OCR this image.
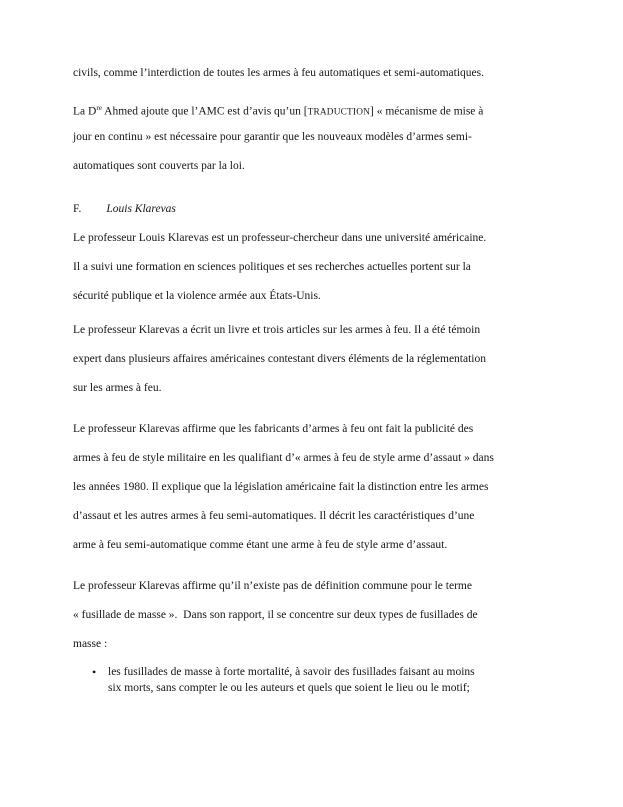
civils, comme l’interdiction de toutes les armes à feu automatiques et semi-automatiques.

La Dre Ahmed ajoute que l’AMC est d’avis qu’un [TRADUCTION] « mécanisme de mise à
jour en continu » est nécessaire pour garantir que les nouveaux modèles d’armes semi-
automatiques sont couverts par la loi.

F. Louis Klarevas

Le professeur Louis Klarevas est un professeur-chercheur dans une université américaine.
Il a suivi une formation en sciences politiques et ses recherches actuelles portent sur la
sécurité publique et la violence armée aux États-Unis.

Le professeur Klarevas a écrit un livre et trois articles sur les armes à feu. Il a été témoin
expert dans plusieurs affaires américaines contestant divers éléments de la réglementation
sur les armes à feu.

Le professeur Klarevas affirme que les fabricants d’armes à feu ont fait la publicité des
armes à feu de style militaire en les qualifiant d’« armes à feu de style arme d’assaut » dans
les années 1980. Il explique que la législation américaine fait la distinction entre les armes
d’assaut et les autres armes à feu semi-automatiques. Il décrit les caractéristiques d’une
arme à feu semi-automatique comme étant une arme à feu de style arme d’assaut.

Le professeur Klarevas affirme qu’il n’existe pas de définition commune pour le terme
« fusillade de masse ».  Dans son rapport, il se concentre sur deux types de fusillades de
masse :

• les fusillades de masse à forte mortalité, à savoir des fusillades faisant au moins
six morts, sans compter le ou les auteurs et quels que soient le lieu ou le motif;
